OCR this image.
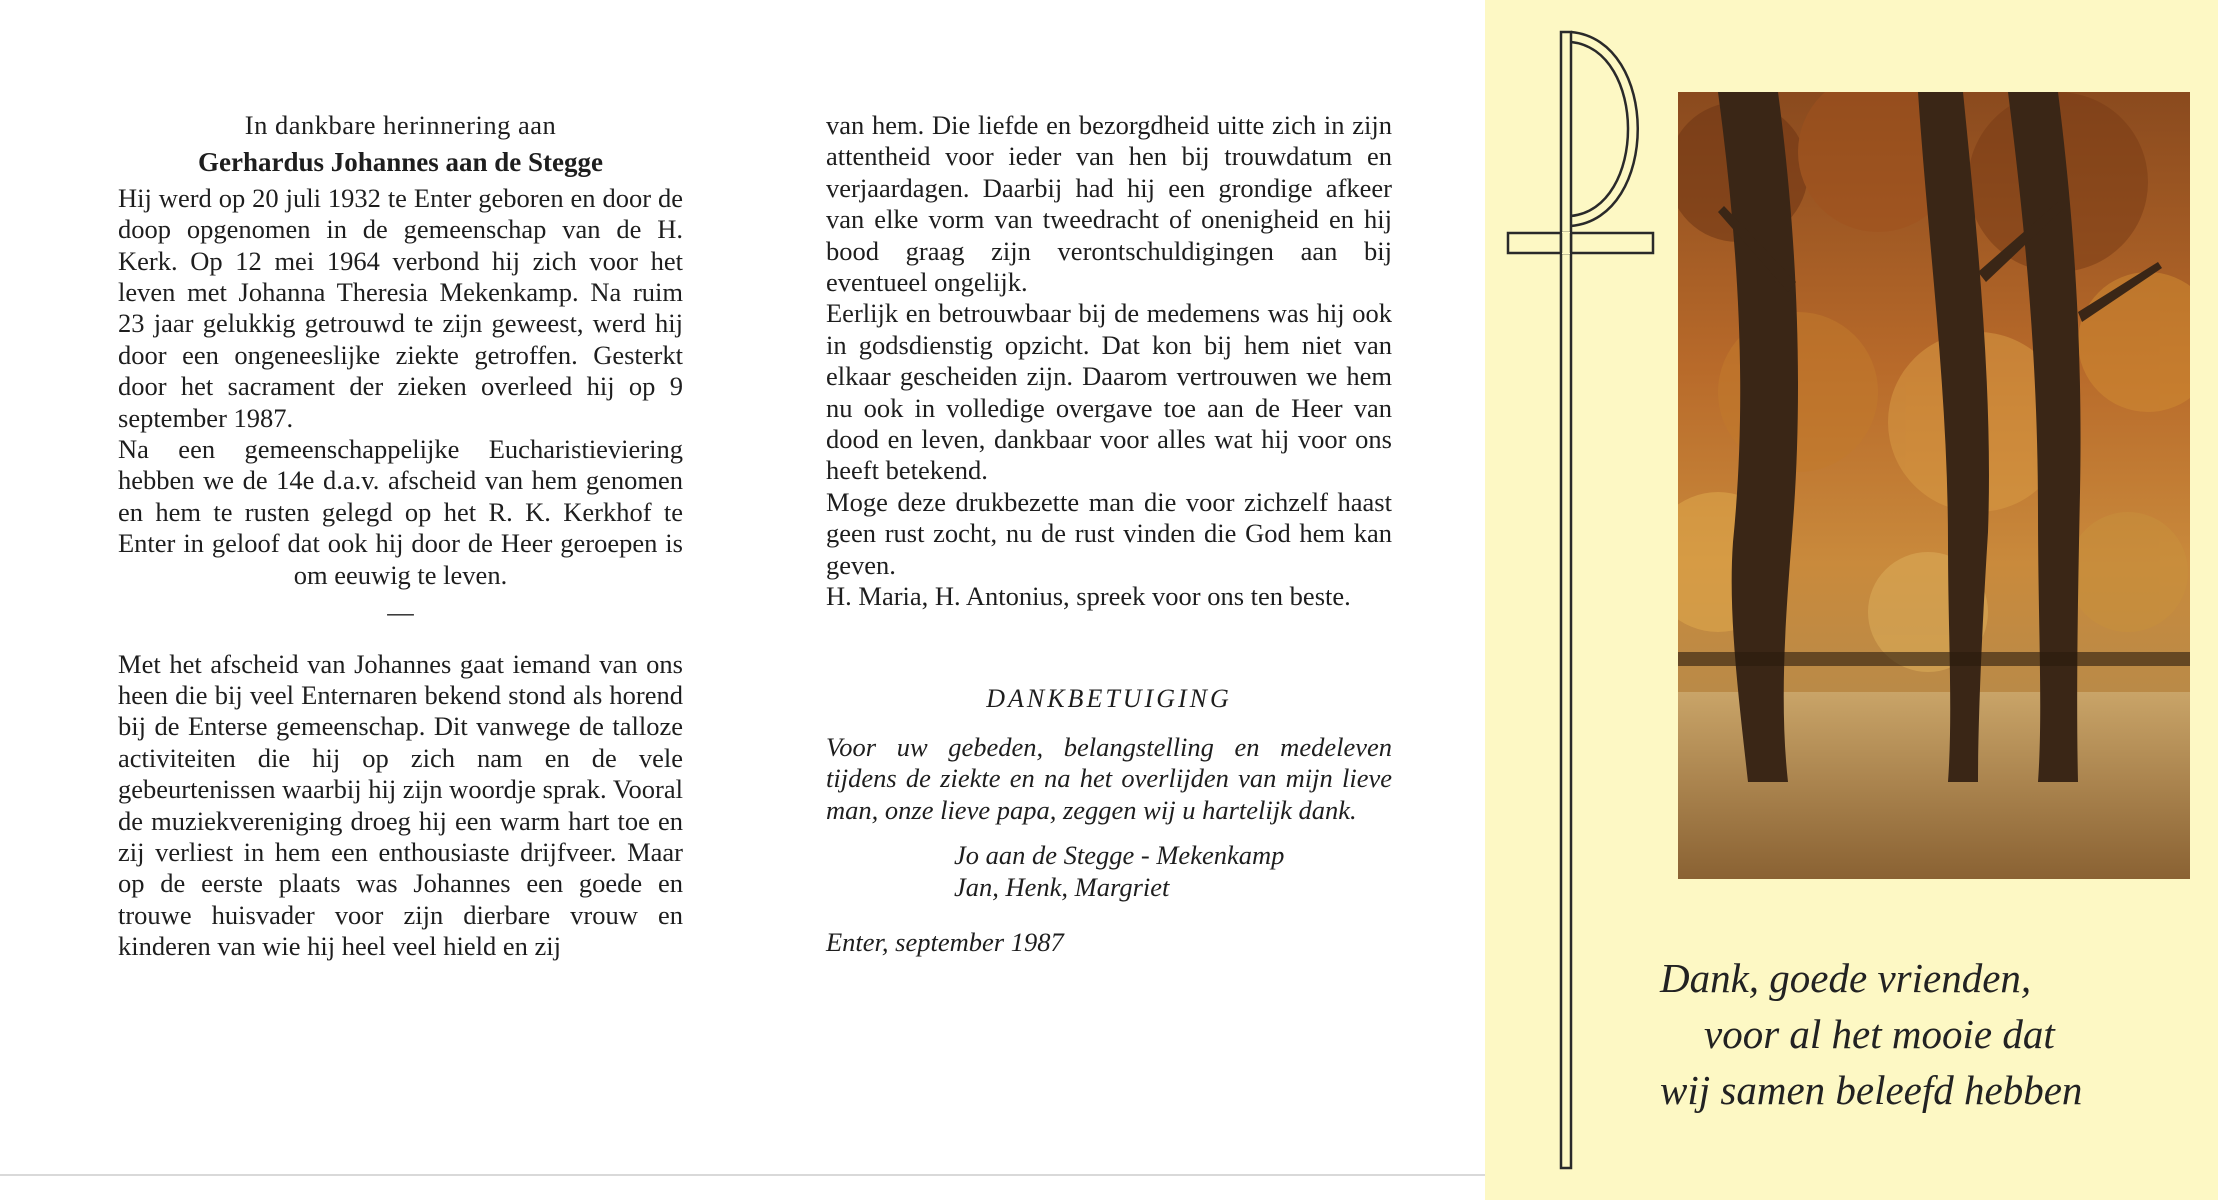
In dankbare herinnering aan

Gerhardus Johannes aan de Stegge

Hij werd op 20 juli 1932 te Enter geboren en door de doop opgenomen in de gemeenschap van de H. Kerk. Op 12 mei 1964 verbond hij zich voor het leven met Johanna Theresia Mekenkamp. Na ruim 23 jaar gelukkig getrouwd te zijn geweest, werd hij door een ongeneeslijke ziekte getroffen. Gesterkt door het sacrament der zieken overleed hij op 9 september 1987.

Na een gemeenschappelijke Eucharistieviering hebben we de 14e d.a.v. afscheid van hem genomen en hem te rusten gelegd op het R. K. Kerkhof te Enter in geloof dat ook hij door de Heer geroepen is om eeuwig te leven.

—

Met het afscheid van Johannes gaat iemand van ons heen die bij veel Enternaren bekend stond als horend bij de Enterse gemeenschap. Dit vanwege de talloze activiteiten die hij op zich nam en de vele gebeurtenissen waarbij hij zijn woordje sprak. Vooral de muziekvereniging droeg hij een warm hart toe en zij verliest in hem een enthousiaste drijfveer. Maar op de eerste plaats was Johannes een goede en trouwe huisvader voor zijn dierbare vrouw en kinderen van wie hij heel veel hield en zij

van hem. Die liefde en bezorgdheid uitte zich in zijn attentheid voor ieder van hen bij trouwdatum en verjaardagen. Daarbij had hij een grondige afkeer van elke vorm van tweedracht of onenigheid en hij bood graag zijn verontschuldigingen aan bij eventueel ongelijk.

Eerlijk en betrouwbaar bij de medemens was hij ook in godsdienstig opzicht. Dat kon bij hem niet van elkaar gescheiden zijn. Daarom vertrouwen we hem nu ook in volledige overgave toe aan de Heer van dood en leven, dankbaar voor alles wat hij voor ons heeft betekend.

Moge deze drukbezette man die voor zichzelf haast geen rust zocht, nu de rust vinden die God hem kan geven.

H. Maria, H. Antonius, spreek voor ons ten beste.

DANKBETUIGING

Voor uw gebeden, belangstelling en medeleven tijdens de ziekte en na het overlijden van mijn lieve man, onze lieve papa, zeggen wij u hartelijk dank.

Jo aan de Stegge - Mekenkamp

Jan, Henk, Margriet

Enter, september 1987

Dank, goede vrienden,
voor al het mooie dat
wij samen beleefd hebben
